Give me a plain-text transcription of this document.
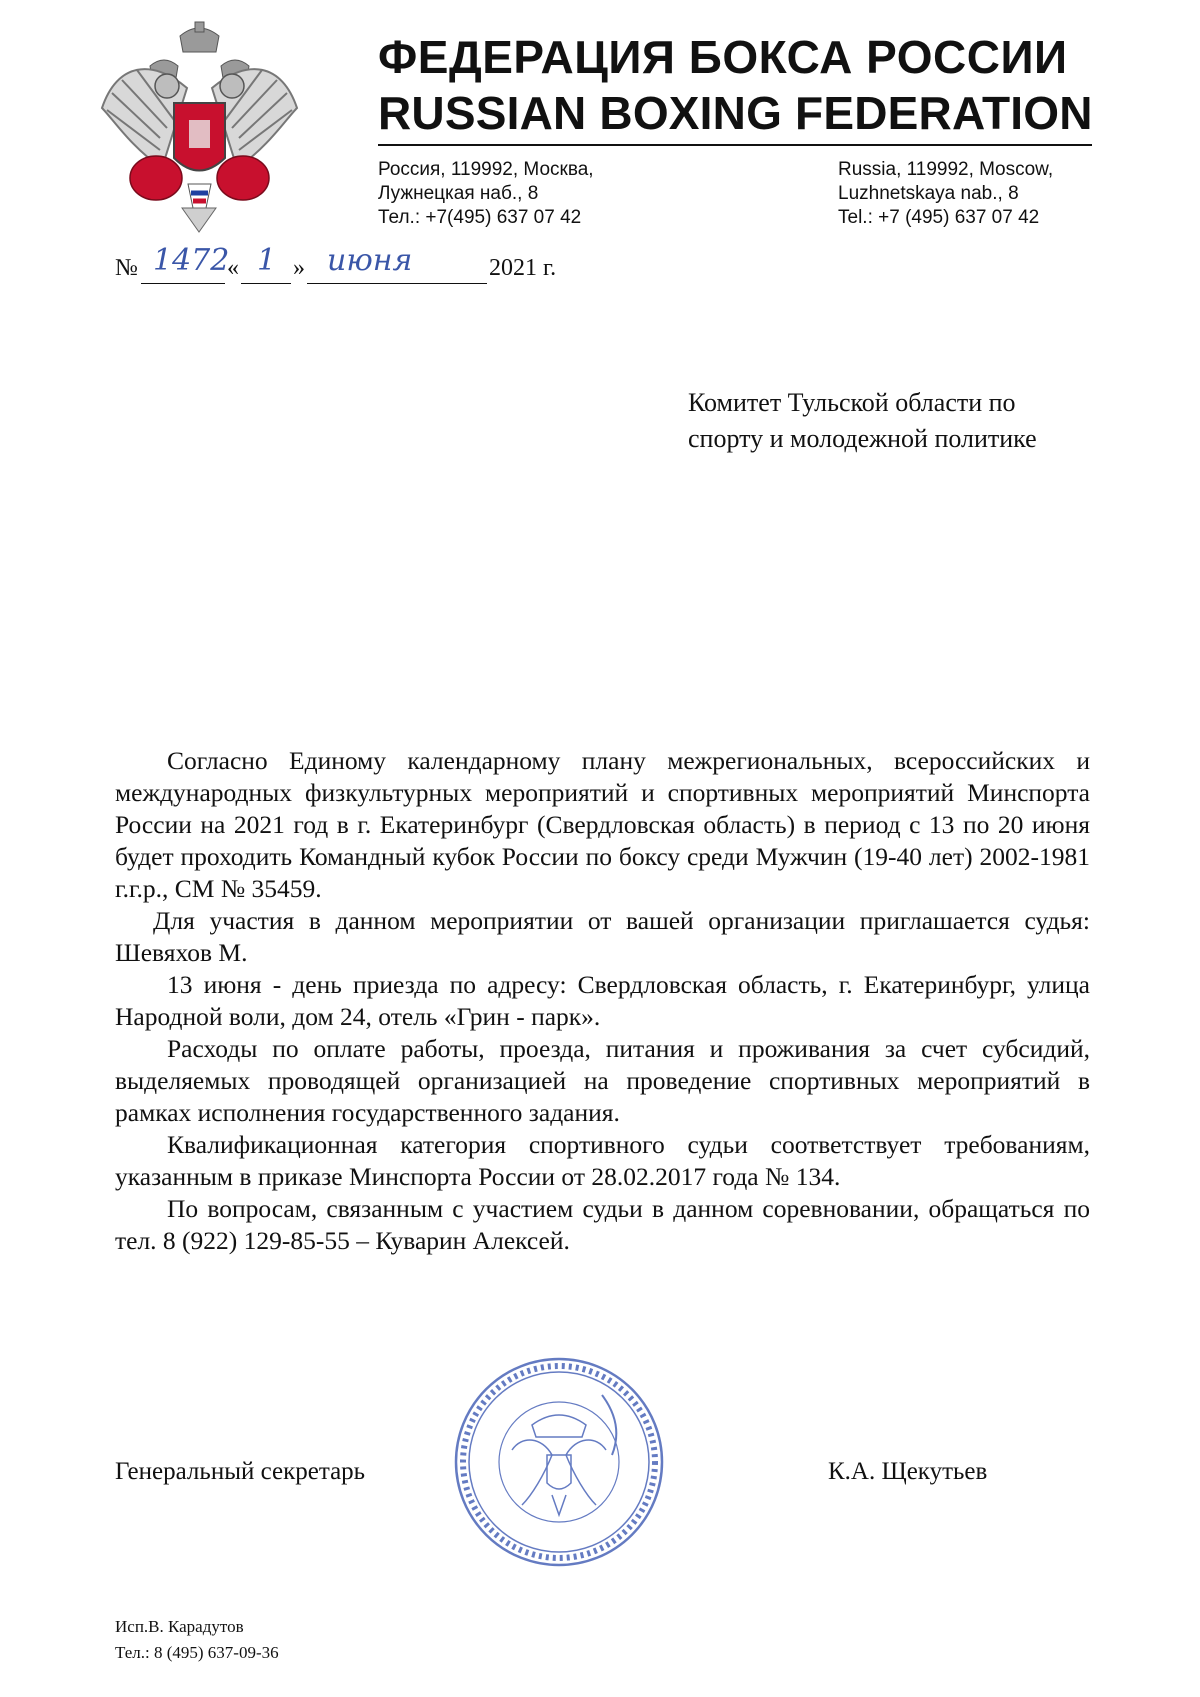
ФЕДЕРАЦИЯ БОКСА РОССИИ
RUSSIAN BOXING FEDERATION
Россия, 119992, Москва,
Лужнецкая наб., 8
Тел.: +7(495) 637 07 42
Russia, 119992, Moscow,
Luzhnetskaya nab., 8
Tel.: +7 (495) 637 07 42
№ 1472
« 1 » июня	2021 г.
Комитет Тульской области по
спорту и молодежной политике

Согласно Единому календарному плану межрегиональных, всероссийских и международных физкультурных мероприятий и спортивных мероприятий Минспорта России на 2021 год в г. Екатеринбург (Свердловская область) в период с 13 по 20 июня будет проходить Командный кубок России по боксу среди Мужчин (19-40 лет) 2002-1981 г.г.р., СМ № 35459.

Для участия в данном мероприятии от вашей организации приглашается судья: Шевяхов М.

13 июня - день приезда по адресу: Свердловская область, г. Екатеринбург, улица Народной воли, дом 24, отель «Грин - парк».

Расходы по оплате работы, проезда, питания и проживания за счет субсидий, выделяемых проводящей организацией на проведение спортивных мероприятий в рамках исполнения государственного задания.

Квалификационная категория спортивного судьи соответствует требованиям, указанным в приказе Минспорта России от 28.02.2017 года № 134.

По вопросам, связанным с участием судьи в данном соревновании, обращаться по тел. 8 (922) 129-85-55 – Куварин Алексей.

Генеральный секретарь	К.А. Щекутьев
Исп.В. Карадутов
Тел.: 8 (495) 637-09-36
